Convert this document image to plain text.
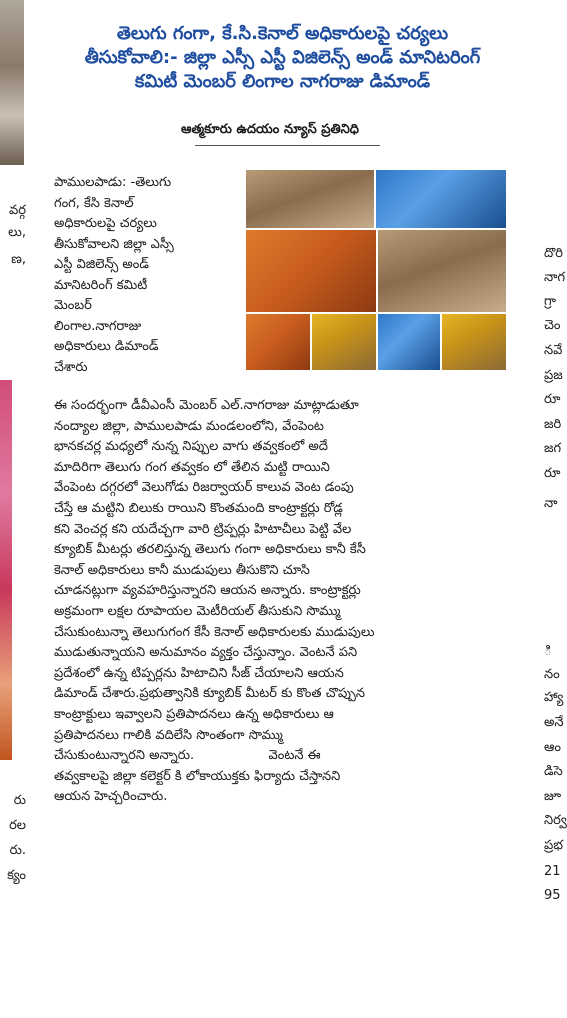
వర్గ
లు,
ణ,
రు
రల
రు.
క్యం
తెలుగు గంగా, కే.సి.కెనాల్ అధికారులపై చర్యలు
తీసుకోవాలి:- జిల్లా ఎస్సీ ఎస్టీ విజిలెన్స్ అండ్ మానిటరింగ్
కమిటీ మెంబర్ లింగాల నాగరాజు డిమాండ్
ఆత్మకూరు ఉదయం న్యూస్ ప్రతినిధి
పాములపాడు: -తెలుగు
గంగ, కేసి కెనాల్
అధికారులపై చర్యలు
తీసుకోవాలని జిల్లా ఎస్సీ
ఎస్టీ విజిలెన్స్ అండ్
మానిటరింగ్ కమిటీ
మెంబర్
లింగాల.నాగరాజు
అధికారులు డిమాండ్
చేశారు
ఈ సందర్భంగా డీవీఎంసీ మెంబర్ ఎల్.నాగరాజు మాట్లాడుతూ
నంద్యాల జిల్లా, పాములపాడు మండలంలోని, వేంపెంట
భానకచర్ల మధ్యలో నున్న నిప్పుల వాగు తవ్వకంలో అదే
మాదిరిగా తెలుగు గంగ తవ్వకం లో తేలిన మట్టి రాయిని
వేంపెంట దగ్గరలో వెలుగోడు రిజర్వాయర్ కాలువ వెంట డంపు
చేస్తే ఆ మట్టిని బిలుకు రాయిని కొంతమంది కాంట్రాక్టర్లు రోడ్ల
కని వెంచర్ల కని యదేచ్చగా వారి ట్రిప్పర్లు హిటాచీలు పెట్టి వేల
క్యూబిక్ మీటర్లు తరలిస్తున్న తెలుగు గంగా అధికారులు కానీ కేసీ
కెనాల్ అధికారులు కానీ ముడుపులు తీసుకొని చూసి
చూడనట్లుగా వ్యవహరిస్తున్నారని ఆయన అన్నారు. కాంట్రాక్టర్లు
అక్రమంగా లక్షల రూపాయల మెటీరియల్ తీసుకుని సొమ్ము
చేసుకుంటున్నా తెలుగుగంగ కేసీ కెనాల్ అధికారులకు ముడుపులు
ముడుతున్నాయని అనుమానం వ్యక్తం చేస్తున్నాం. వెంటనే పని
ప్రదేశంలో ఉన్న టిప్పర్లను హిటాచిని సీజ్ చేయాలని ఆయన
డిమాండ్ చేశారు.ప్రభుత్వానికి క్యూబిక్ మీటర్ కు కొంత చొప్పున
కాంట్రాక్టులు ఇవ్వాలని ప్రతిపాదనలు ఉన్న అధికారులు ఆ
ప్రతిపాదనలు గాలికి వదిలేసి సొంతంగా సొమ్ము
చేసుకుంటున్నారని అన్నారు.                  వెంటనే ఈ
తవ్వకాలపై జిల్లా కలెక్టర్ కి లోకాయుక్తకు ఫిర్యాదు చేస్తానని
ఆయన హెచ్చరించారు.
దొరి
నాగ
గ్రా
చెం
నవే
ప్రజ
రూ
జరి
జగ
రూ
నా
ి
నం
హ్యా
అనే
ఆం
డిసె
జూ
నిర్వ
ప్రభ
21
95
